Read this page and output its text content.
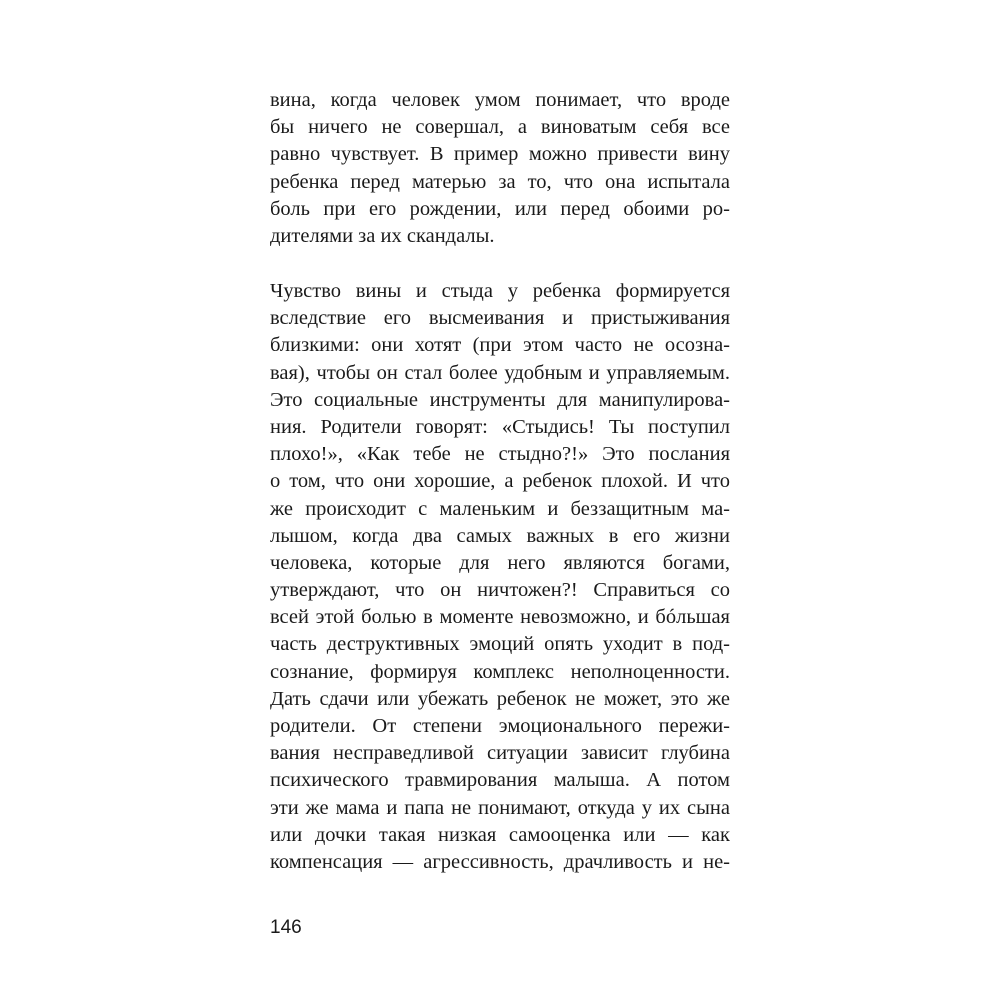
вина, когда человек умом понимает, что вроде
бы ничего не совершал, а виноватым себя все
равно чувствует. В пример можно привести вину
ребенка перед матерью за то, что она испытала
боль при его рождении, или перед обоими ро-
дителями за их скандалы.
Чувство вины и стыда у ребенка формируется
вследствие его высмеивания и пристыживания
близкими: они хотят (при этом часто не осозна-
вая), чтобы он стал более удобным и управляемым.
Это социальные инструменты для манипулирова-
ния. Родители говорят: «Стыдись! Ты поступил
плохо!», «Как тебе не стыдно?!» Это послания
о том, что они хорошие, а ребенок плохой. И что
же происходит с маленьким и беззащитным ма-
лышом, когда два самых важных в его жизни
человека, которые для него являются богами,
утверждают, что он ничтожен?! Справиться со
всей этой болью в моменте невозможно, и бóльшая
часть деструктивных эмоций опять уходит в под-
сознание, формируя комплекс неполноценности.
Дать сдачи или убежать ребенок не может, это же
родители. От степени эмоционального пережи-
вания несправедливой ситуации зависит глубина
психического травмирования малыша. А потом
эти же мама и папа не понимают, откуда у их сына
или дочки такая низкая самооценка или — как
компенсация — агрессивность, драчливость и не-
146
